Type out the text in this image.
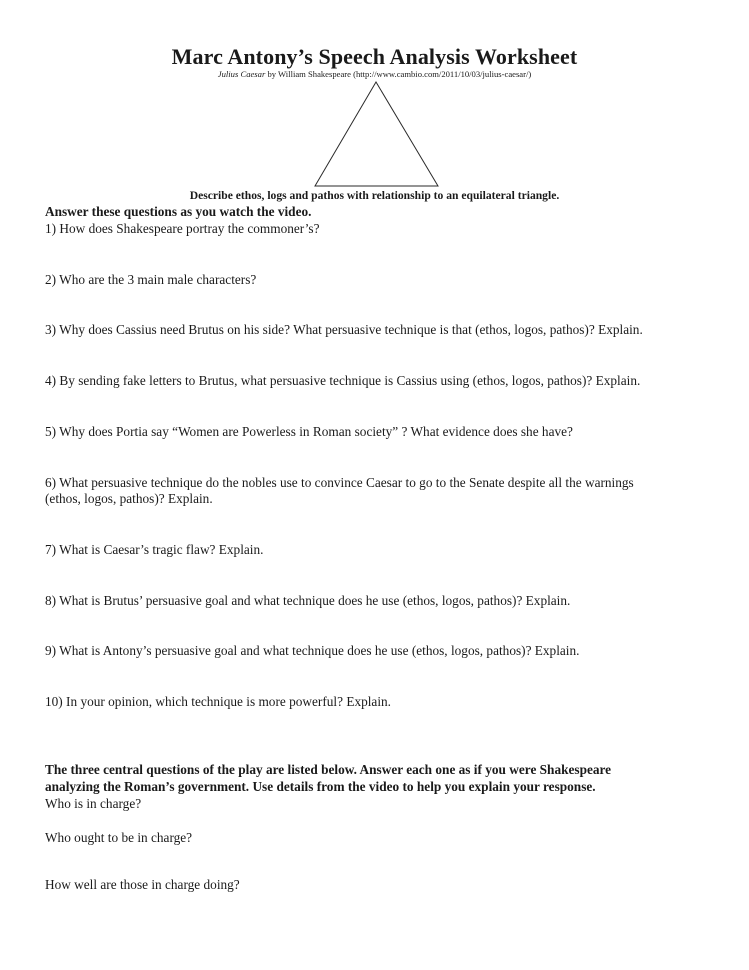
Marc Antony’s Speech Analysis Worksheet
Julius Caesar by William Shakespeare (http://www.cambio.com/2011/10/03/julius-caesar/)
Describe ethos, logs and pathos with relationship to an equilateral triangle.
Answer these questions as you watch the video.
1) How does Shakespeare portray the commoner’s?
2) Who are the 3 main male characters?
3) Why does Cassius need Brutus on his side? What persuasive technique is that (ethos, logos, pathos)? Explain.
4) By sending fake letters to Brutus, what persuasive technique is Cassius using (ethos, logos, pathos)? Explain.
5) Why does Portia say “Women are Powerless in Roman society” ? What evidence does she have?
6) What persuasive technique do the nobles use to convince Caesar to go to the Senate despite all the warnings
(ethos, logos, pathos)? Explain.
7) What is Caesar’s tragic flaw? Explain.
8) What is Brutus’ persuasive goal and what technique does he use (ethos, logos, pathos)? Explain.
9) What is Antony’s persuasive goal and what technique does he use (ethos, logos, pathos)? Explain.
10) In your opinion, which technique is more powerful? Explain.
The three central questions of the play are listed below. Answer each one as if you were Shakespeare
analyzing the Roman’s government. Use details from the video to help you explain your response.
Who is in charge?
Who ought to be in charge?
How well are those in charge doing?
